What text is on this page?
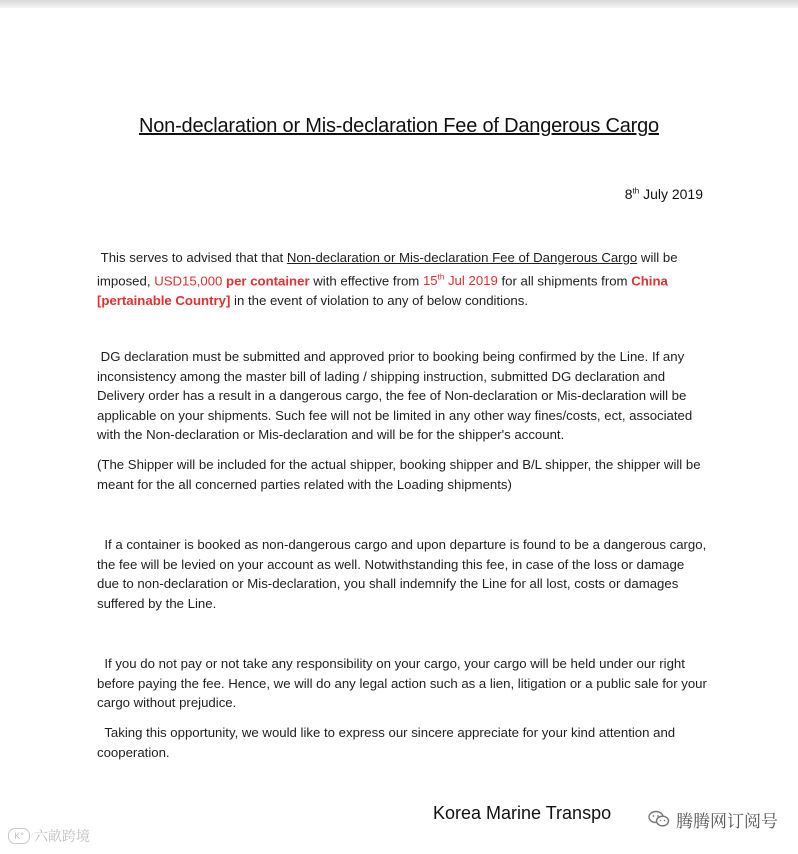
Non-declaration or Mis-declaration Fee of Dangerous Cargo
8th July 2019

This serves to advised that that Non-declaration or Mis-declaration Fee of Dangerous Cargo will be imposed, USD15,000 per container with effective from 15th Jul 2019 for all shipments from China [pertainable Country] in the event of violation to any of below conditions.

DG declaration must be submitted and approved prior to booking being confirmed by the Line. If any inconsistency among the master bill of lading / shipping instruction, submitted DG declaration and Delivery order has a result in a dangerous cargo, the fee of Non-declaration or Mis-declaration will be applicable on your shipments. Such fee will not be limited in any other way fines/costs, ect, associated with the Non-declaration or Mis-declaration and will be for the shipper's account.

(The Shipper will be included for the actual shipper, booking shipper and B/L shipper, the shipper will be meant for the all concerned parties related with the Loading shipments)

If a container is booked as non-dangerous cargo and upon departure is found to be a dangerous cargo, the fee will be levied on your account as well. Notwithstanding this fee, in case of the loss or damage due to non-declaration or Mis-declaration, you shall indemnify the Line for all lost, costs or damages suffered by the Line.

If you do not pay or not take any responsibility on your cargo, your cargo will be held under our right before paying the fee. Hence, we will do any legal action such as a lien, litigation or a public sale for your cargo without prejudice.

Taking this opportunity, we would like to express our sincere appreciate for your kind attention and cooperation.

Korea Marine Transpo
K° 六畝跨境
腾腾网订阅号
